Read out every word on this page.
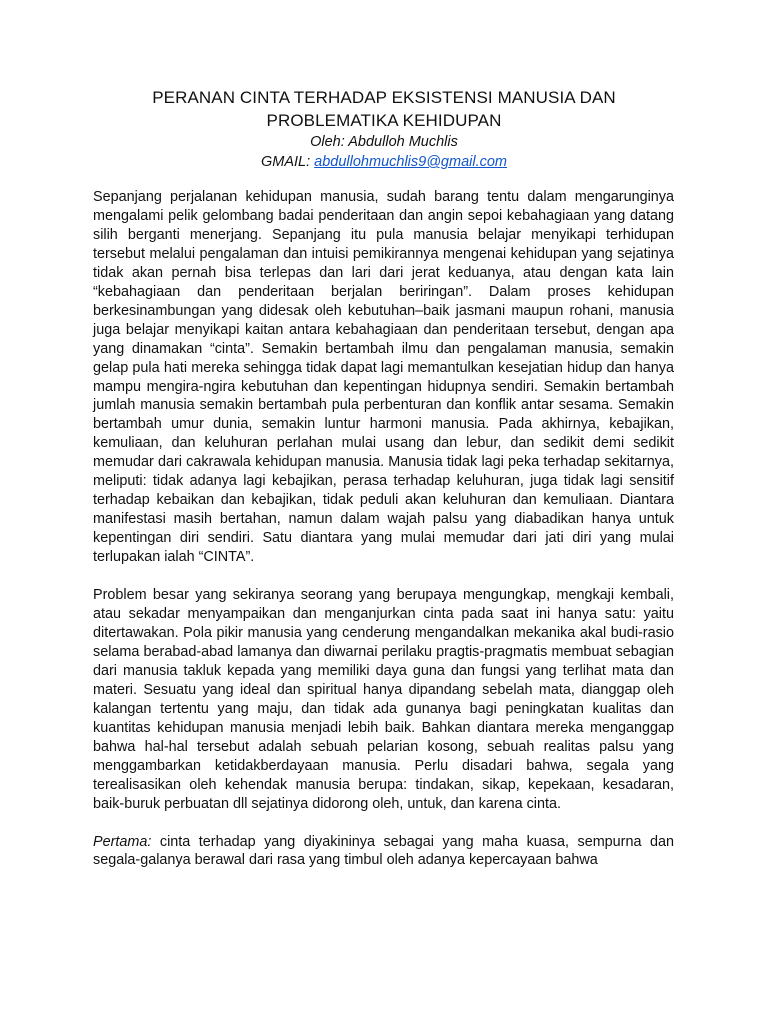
PERANAN CINTA TERHADAP EKSISTENSI MANUSIA DAN

PROBLEMATIKA KEHIDUPAN

Oleh: Abdulloh Muchlis

GMAIL: abdullohmuchlis9@gmail.com

Sepanjang perjalanan kehidupan manusia, sudah barang tentu dalam mengarunginya mengalami pelik gelombang badai penderitaan dan angin sepoi kebahagiaan yang datang silih berganti menerjang. Sepanjang itu pula manusia belajar menyikapi terhidupan tersebut melalui pengalaman dan intuisi pemikirannya mengenai kehidupan yang sejatinya tidak akan pernah bisa terlepas dan lari dari jerat keduanya, atau dengan kata lain “kebahagiaan dan penderitaan berjalan beriringan”. Dalam proses kehidupan berkesinambungan yang didesak oleh kebutuhan–baik jasmani maupun rohani, manusia juga belajar menyikapi kaitan antara kebahagiaan dan penderitaan tersebut, dengan apa yang dinamakan “cinta”. Semakin bertambah ilmu dan pengalaman manusia, semakin gelap pula hati mereka sehingga tidak dapat lagi memantulkan kesejatian hidup dan hanya mampu mengira-ngira kebutuhan dan kepentingan hidupnya sendiri. Semakin bertambah jumlah manusia semakin bertambah pula perbenturan dan konflik antar sesama. Semakin bertambah umur dunia, semakin luntur harmoni manusia. Pada akhirnya, kebajikan, kemuliaan, dan keluhuran perlahan mulai usang dan lebur, dan sedikit demi sedikit memudar dari cakrawala kehidupan manusia. Manusia tidak lagi peka terhadap sekitarnya, meliputi: tidak adanya lagi kebajikan, perasa terhadap keluhuran, juga tidak lagi sensitif terhadap kebaikan dan kebajikan, tidak peduli akan keluhuran dan kemuliaan. Diantara manifestasi masih bertahan, namun dalam wajah palsu yang diabadikan hanya untuk kepentingan diri sendiri. Satu diantara yang mulai memudar dari jati diri yang mulai terlupakan ialah “CINTA”.

Problem besar yang sekiranya seorang yang berupaya mengungkap, mengkaji kembali, atau sekadar menyampaikan dan menganjurkan cinta pada saat ini hanya satu: yaitu ditertawakan. Pola pikir manusia yang cenderung mengandalkan mekanika akal budi-rasio selama berabad-abad lamanya dan diwarnai perilaku pragtis-pragmatis membuat sebagian dari manusia takluk kepada yang memiliki daya guna dan fungsi yang terlihat mata dan materi. Sesuatu yang ideal dan spiritual hanya dipandang sebelah mata, dianggap oleh kalangan tertentu yang maju, dan tidak ada gunanya bagi peningkatan kualitas dan kuantitas kehidupan manusia menjadi lebih baik. Bahkan diantara mereka menganggap bahwa hal-hal tersebut adalah sebuah pelarian kosong, sebuah realitas palsu yang menggambarkan ketidakberdayaan manusia. Perlu disadari bahwa, segala yang terealisasikan oleh kehendak manusia berupa: tindakan, sikap, kepekaan, kesadaran, baik-buruk perbuatan dll sejatinya didorong oleh, untuk, dan karena cinta.

Pertama: cinta terhadap yang diyakininya sebagai yang maha kuasa, sempurna dan segala-galanya berawal dari rasa yang timbul oleh adanya kepercayaan bahwa
